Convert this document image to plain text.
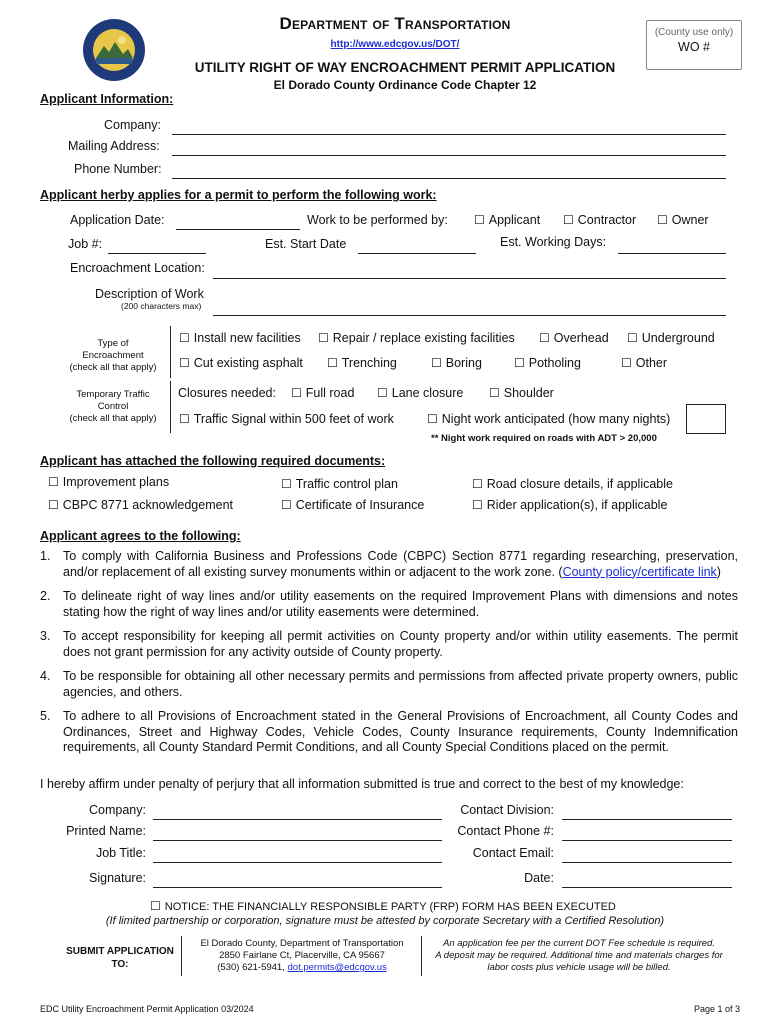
Department of Transportation
http://www.edcgov.us/DOT/
UTILITY RIGHT OF WAY ENCROACHMENT PERMIT APPLICATION
El Dorado County Ordinance Code Chapter 12
(County use only)
WO #
Applicant Information:
Company:
Mailing Address:
Phone Number:
Applicant herby applies for a permit to perform the following work:
Application Date:	Work to be performed by:	☐ Applicant	☐ Contractor	☐ Owner
Job #:	Est. Start Date	Est. Working Days:
Encroachment Location:
Description of Work
(200 characters max)
Type of
Encroachment
(check all that apply)
☐ Install new facilities	☐ Repair / replace existing facilities	☐ Overhead	☐ Underground
☐ Cut existing asphalt	☐ Trenching	☐ Boring	☐ Potholing	☐ Other
Temporary Traffic
Control
(check all that apply)
Closures needed:	☐ Full road	☐ Lane closure	☐ Shoulder
☐ Traffic Signal within 500 feet of work	☐ Night work anticipated (how many nights)
** Night work required on roads with ADT > 20,000
Applicant has attached the following required documents:
☐ Improvement plans	☐ Traffic control plan	☐ Road closure details, if applicable
☐ CBPC 8771 acknowledgement	☐ Certificate of Insurance	☐ Rider application(s), if applicable
Applicant agrees to the following:
1.	To comply with California Business and Professions Code (CBPC) Section 8771 regarding researching, preservation, and/or replacement of all existing survey monuments within or adjacent to the work zone. (County policy/certificate link)
2.	To delineate right of way lines and/or utility easements on the required Improvement Plans with dimensions and notes stating how the right of way lines and/or utility easements were determined.
3.	To accept responsibility for keeping all permit activities on County property and/or within utility easements. The permit does not grant permission for any activity outside of County property.
4.	To be responsible for obtaining all other necessary permits and permissions from affected private property owners, public agencies, and others.
5.	To adhere to all Provisions of Encroachment stated in the General Provisions of Encroachment, all County Codes and Ordinances, Street and Highway Codes, Vehicle Codes, County Insurance requirements, County Indemnification requirements, all County Standard Permit Conditions, and all County Special Conditions placed on the permit.
I hereby affirm under penalty of perjury that all information submitted is true and correct to the best of my knowledge:
Company:
Printed Name:
Job Title:
Signature:
Contact Division:
Contact Phone #:
Contact Email:
Date:
☐ NOTICE: THE FINANCIALLY RESPONSIBLE PARTY (FRP) FORM HAS BEEN EXECUTED
(If limited partnership or corporation, signature must be attested by corporate Secretary with a Certified Resolution)
SUBMIT APPLICATION
TO:
El Dorado County, Department of Transportation
2850 Fairlane Ct, Placerville, CA 95667
(530) 621-5941, dot.permits@edcgov.us
An application fee per the current DOT Fee schedule is required.
A deposit may be required. Additional time and materials charges for
labor costs plus vehicle usage will be billed.
EDC Utility Encroachment Permit Application 03/2024	Page 1 of 3
